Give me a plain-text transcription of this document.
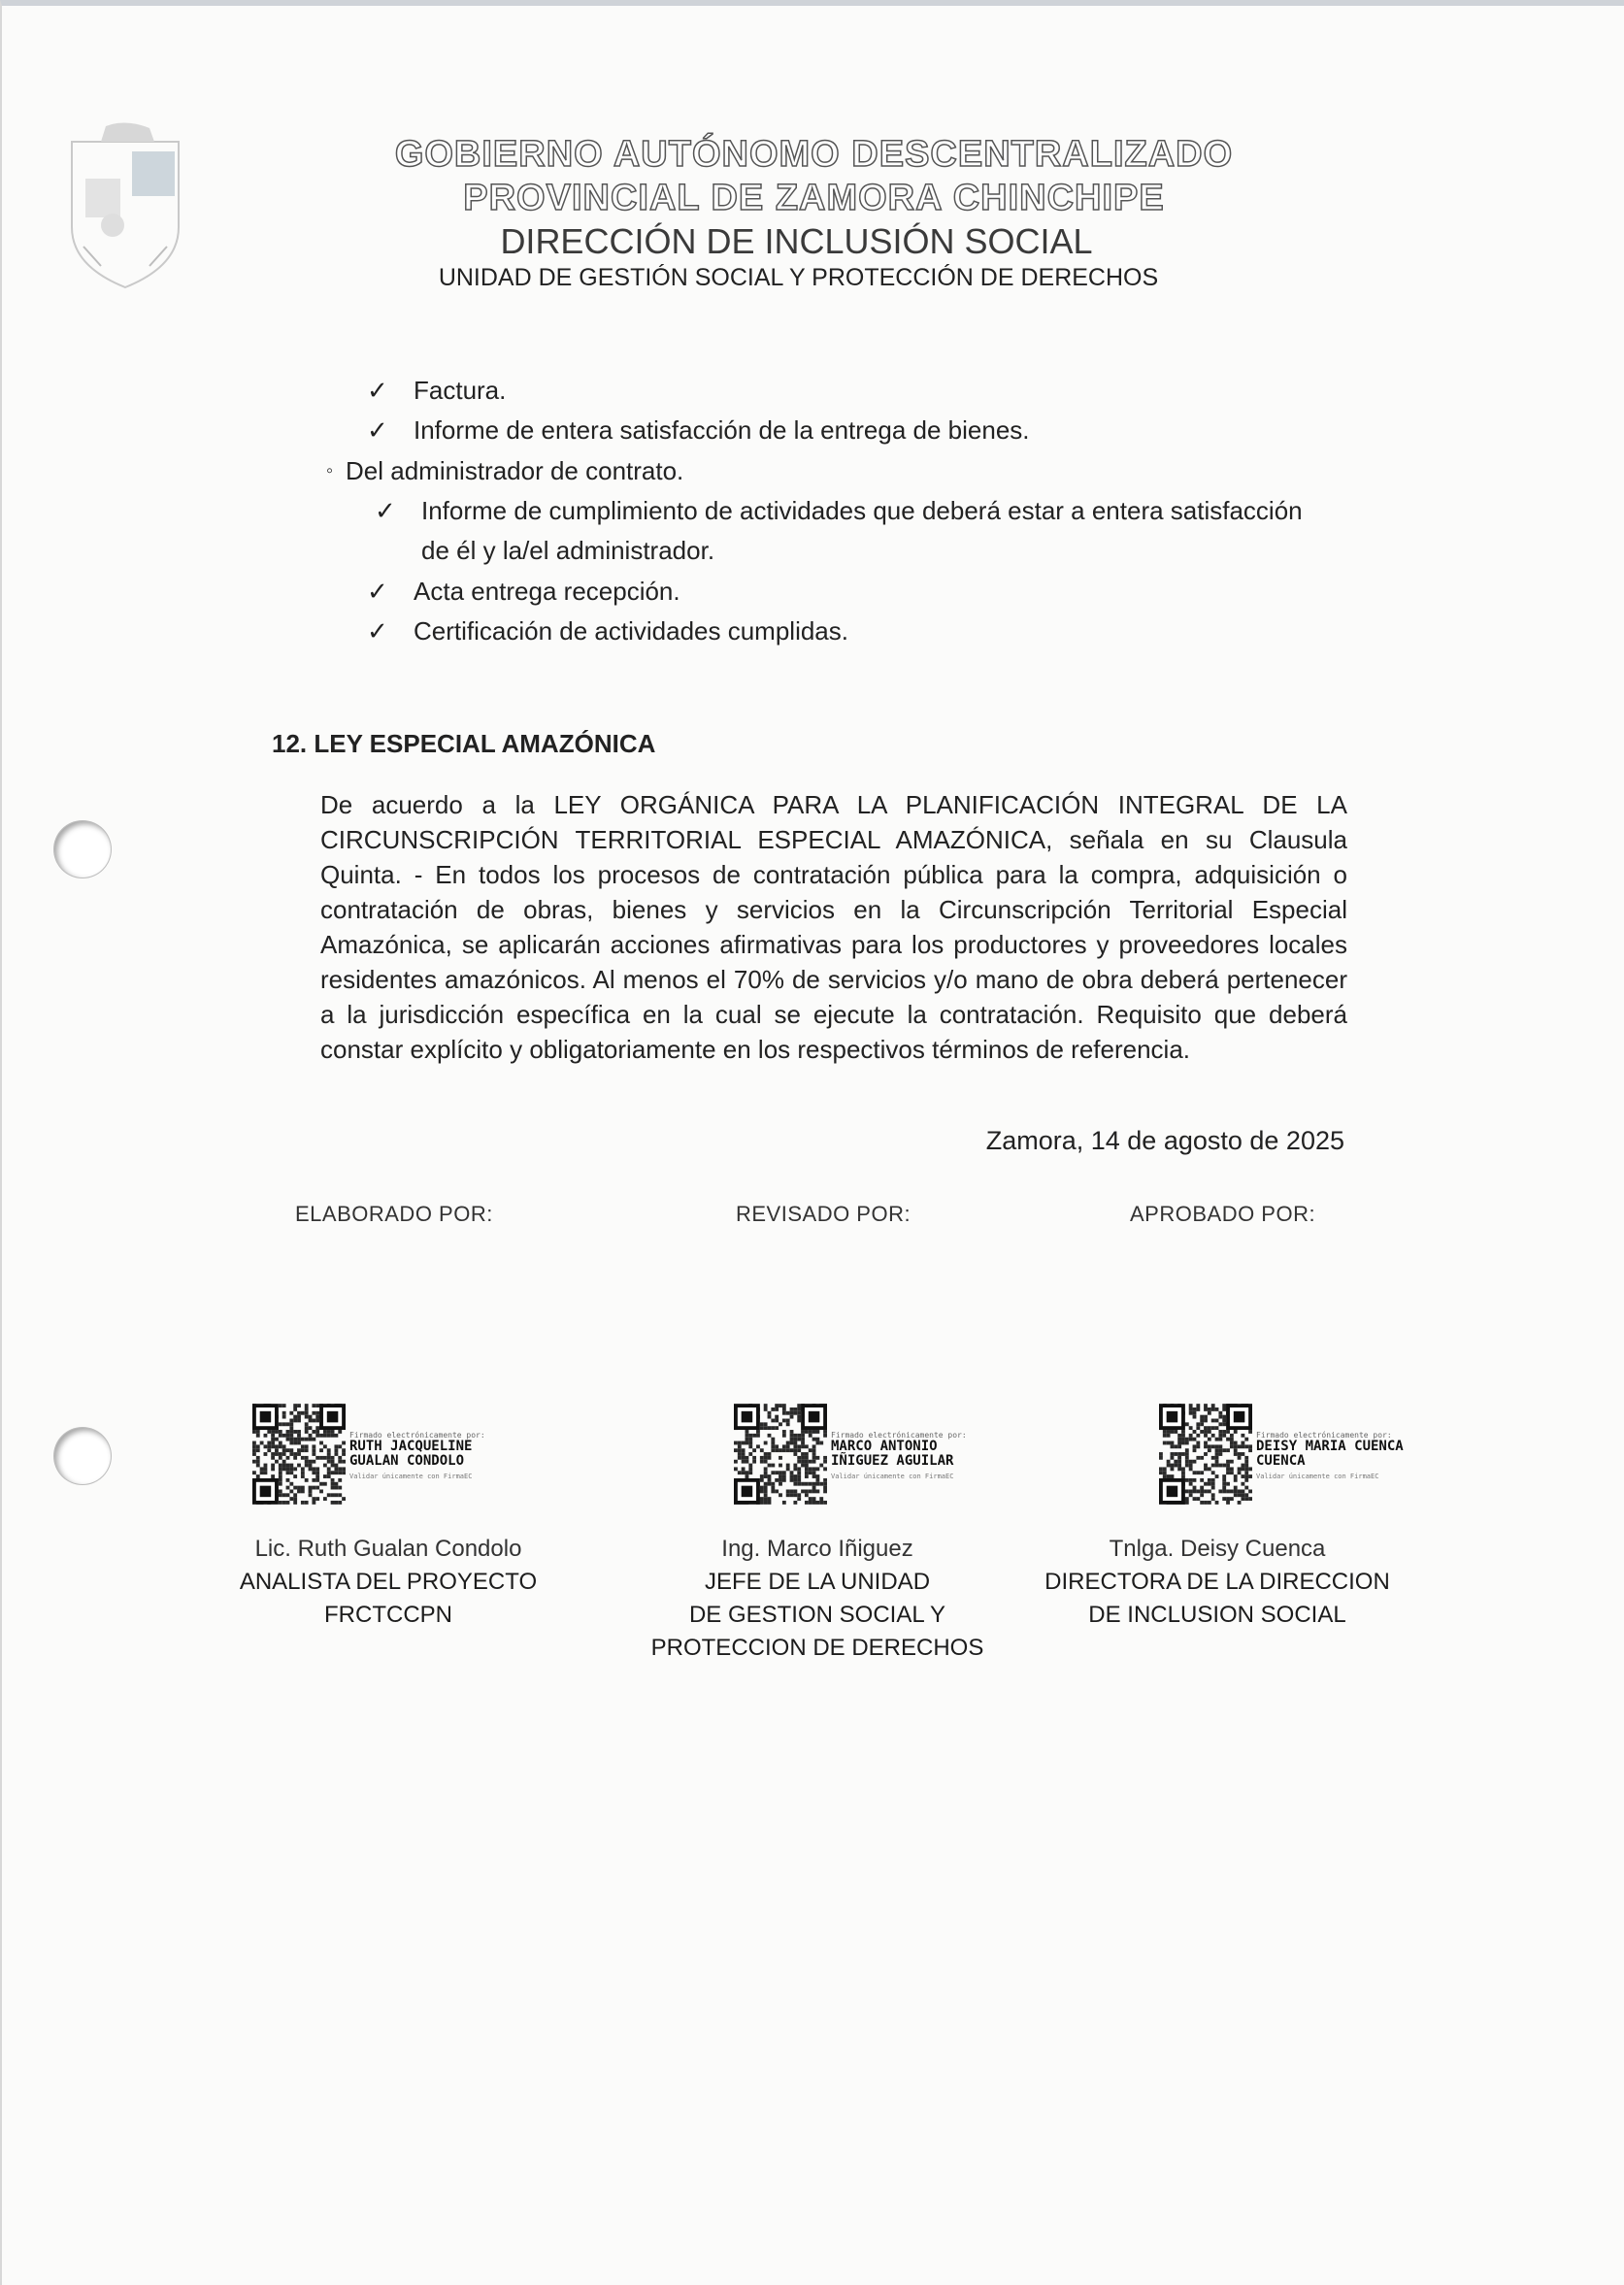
GOBIERNO AUTÓNOMO DESCENTRALIZADO
PROVINCIAL DE ZAMORA CHINCHIPE
DIRECCIÓN DE INCLUSIÓN SOCIAL
UNIDAD DE GESTIÓN SOCIAL Y PROTECCIÓN DE DERECHOS
✓ Factura.
✓ Informe de entera satisfacción de la entrega de bienes.
◦ Del administrador de contrato.
✓ Informe de cumplimiento de actividades que deberá estar a entera satisfacción
de él y la/el administrador.
✓ Acta entrega recepción.
✓ Certificación de actividades cumplidas.
12. LEY ESPECIAL AMAZÓNICA
De acuerdo a la LEY ORGÁNICA PARA LA PLANIFICACIÓN INTEGRAL DE LA CIRCUNSCRIPCIÓN TERRITORIAL ESPECIAL AMAZÓNICA, señala en su Clausula Quinta. - En todos los procesos de contratación pública para la compra, adquisición o contratación de obras, bienes y servicios en la Circunscripción Territorial Especial Amazónica, se aplicarán acciones afirmativas para los productores y proveedores locales residentes amazónicos. Al menos el 70% de servicios y/o mano de obra deberá pertenecer a la jurisdicción específica en la cual se ejecute la contratación. Requisito que deberá constar explícito y obligatoriamente en los respectivos términos de referencia.
Zamora, 14 de agosto de 2025
ELABORADO POR:	REVISADO POR:	APROBADO POR:
Firmado electrónicamente por:
RUTH JACQUELINE
GUALAN CONDOLO
Validar únicamente con FirmaEC
Firmado electrónicamente por:
MARCO ANTONIO
IÑIGUEZ AGUILAR
Validar únicamente con FirmaEC
Firmado electrónicamente por:
DEISY MARIA CUENCA
CUENCA
Validar únicamente con FirmaEC
Lic. Ruth Gualan Condolo
ANALISTA DEL PROYECTO
FRCTCCPN
Ing. Marco Iñiguez
JEFE DE LA UNIDAD
DE GESTION SOCIAL Y
PROTECCION DE DERECHOS
Tnlga. Deisy Cuenca
DIRECTORA DE LA DIRECCION
DE INCLUSION SOCIAL
